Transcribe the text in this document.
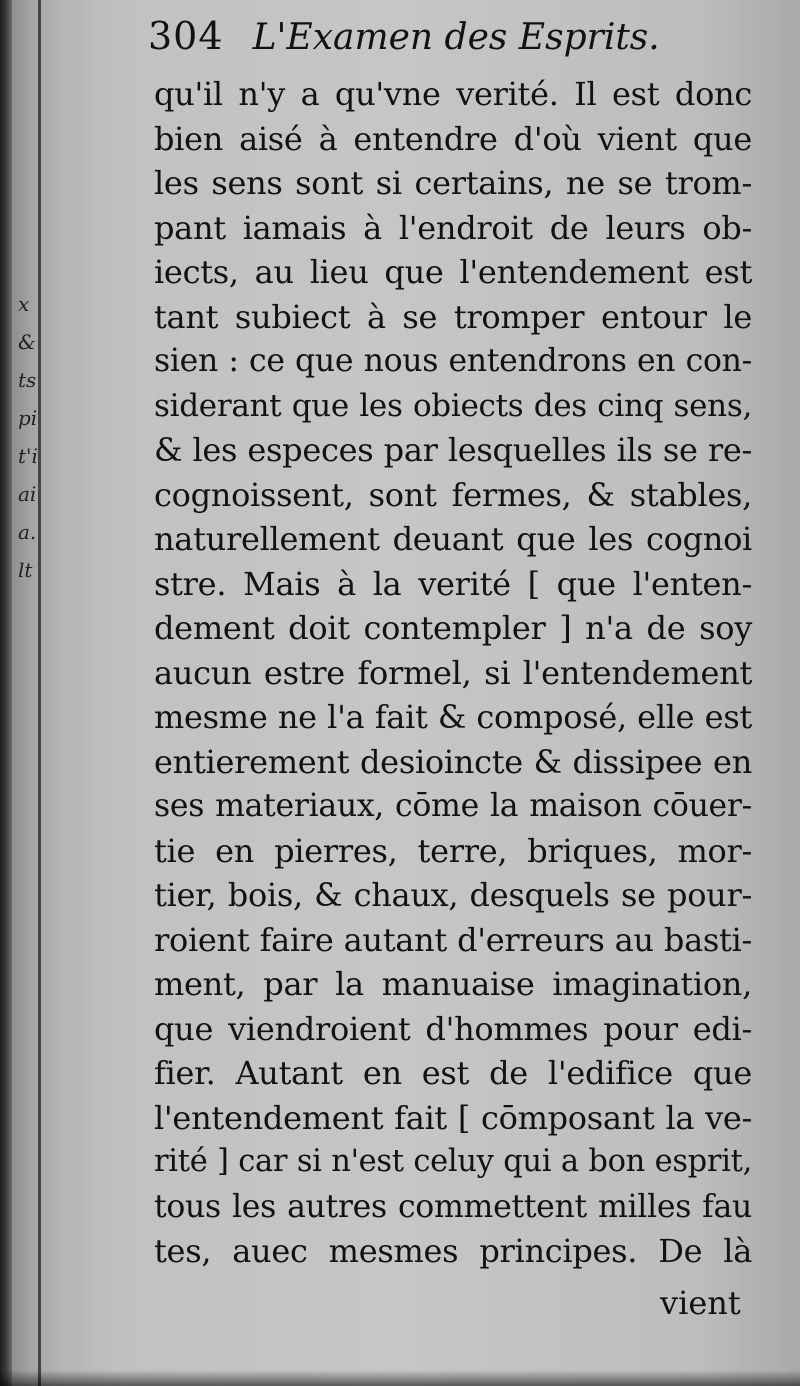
x
&
ts
pi
t'i
ai
a.
lt
304 L'Examen des Esprits.
qu'il n'y a qu'vne verité. Il est donc
bien aisé à entendre d'où vient que
les sens sont si certains, ne se trom-
pant iamais à l'endroit de leurs ob-
iects, au lieu que l'entendement est
tant subiect à se tromper entour le
sien : ce que nous entendrons en con-
siderant que les obiects des cinq sens,
& les especes par lesquelles ils se re-
cognoissent, sont fermes, & stables,
naturellement deuant que les cognoi
stre. Mais à la verité [ que l'enten-
dement doit contempler ] n'a de soy
aucun estre formel, si l'entendement
mesme ne l'a fait & composé, elle est
entierement desioincte & dissipee en
ses materiaux, cōme la maison cōuer-
tie en pierres, terre, briques, mor-
tier, bois, & chaux, desquels se pour-
roient faire autant d'erreurs au basti-
ment, par la manuaise imagination,
que viendroient d'hommes pour edi-
fier. Autant en est de l'edifice que
l'entendement fait [ cōmposant la ve-
rité ] car si n'est celuy qui a bon esprit,
tous les autres commettent milles fau
tes, auec mesmes principes. De là
vient
